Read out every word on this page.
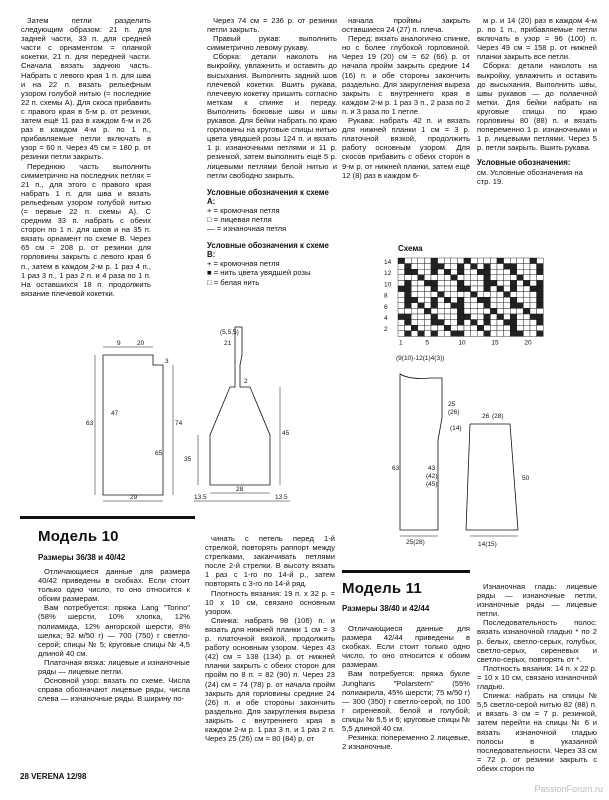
Затем петли разделить следующим образом: 21 п. для задней части, 33 п. для средней части с орнаментом = планкой кокетки, 21 п. для передней части. Сначала вязать заднюю часть. Набрать с левого края 1 п. для шва и на 22 п. вязать рельефным узором голубой нитью (= последние 22 п. схемы А). Для скоса прибавить с правого края в 5-м р. от резинки, затем ещё 11 раз в каждом 6-м и 26 раз в каждом 4-м р. по 1 п., прибавляемые петли включать в узор = 60 п. Через 45 см = 180 р. от резинки петли закрыть.

Переднюю часть выполнить симметрично на последних петлях = 21 п., для этого с правого края набрать 1 п. для шва и вязать рельефным узором голубой нитью (= первые 22 п. схемы А). С средним 33 п. набрать с обеих сторон по 1 п. для швов и на 35 п. вязать орнамент по схеме В. Через 65 см = 208 р. от резинки для горловины закрыть с левого края 6 п., затем в каждом 2-м р. 1 раз 4 п., 1 раз 3 п., 1 раз 2 п. и 4 раза по 1 п. На оставшихся 18 п. продолжить вязание плечевой кокетки.

Через 74 см = 236 р. от резинки петли закрыть.

Правый рукав: выполнить симметрично левому рукаву.

Сборка: детали наколоть на выкройку, увлажнить и оставить до высыхания. Выполнить задний шов плечевой кокетки. Вшить рукава, плечевую кокетку пришить согласно меткам к спинке и переду. Выполнить боковые швы и швы рукавов. Для бейки набрать по краю горловины на круговые спицы нитью цвета увядшей розы 124 п. и вязать 1 р. изнаночными петлями и 11 р. резинкой, затем выполнить ещё 5 р. лицевыми петлями белой нитью и петли свободно закрыть.

Условные обозначения к схеме А:
+ = кромочная петля
□ = лицевая петля
— = изнаночная петля
Условные обозначения к схеме В:
+ = кромочная петля
■ = нить цвета увядшей розы
□ = белая нить

начала проймы закрыть оставшиеся 24 (27) п. плечa.

Перед: вязать аналогично спинке, но с более глубокой горловиной. Через 19 (20) см = 62 (66) р. от начала пройм закрыть средние 14 (16) п. и обе стороны закончить раздельно. Для закругления выреза закрыть с внутреннего края в каждом 2-м р. 1 раз 3 п., 2 раза по 2 п. и 3 раза по 1 петле.

Рукава: набрать 42 п. и вязать для нижней планки 1 см = 3 р. платочной вязкой, продолжить работу основным узором. Для скосов прибавить с обеих сторон в 9-м р. от нижней планки, затем ещё 12 (8) раз в каждом 6-

м р. и 14 (20) раз в каждом 4-м р. по 1 п., прибавляемые петли включать в узор = 96 (100) п. Через 49 см = 158 р. от нижней планки закрыть все петли.

Сборка: детали наколоть на выкройку, увлажнить и оставить до высыхания. Выполнить швы, швы рукавов — до полаечной метки. Для бейки набрать на круговые спицы по краю горловины 80 (88) п. и вязать попеременно 1 р. изнаночными и 1 р. лицевыми петлями. Через 5 р. петли закрыть. Вшить рукава.

Условные обозначения:
см. Условные обозначения на стр. 19.
Схема
14
12
10
8
6
4
2
1	5	10	15	20
9	20
47
63
29
3
74
65
(5,5,5)
21
45
35
13.5
28
13.5
2
(9(10)-12(1)4(3))
25
(26)
(14)
43
(42)
(45)
63
25(28)
26 (28)
50
14(15)
Модель 10
Размеры 36/38 и 40/42

Отличающиеся данные для размера 40/42 приведены в скобках. Если стоит только одно число, то оно относится к обоим размерам.

Вам потребуется: пряжа Lang "Torino" (58% шерсти, 10% хлопка, 12% полиамида, 12% ангорской шерсти, 8% шелка; 92 м/50 г) — 700 (750) г светло-серой; спицы № 5; круговые спицы № 4,5 длиной 40 см.

Платочная вязка: лицевые и изнаночные ряды — лицевые петли.

Основной узор: вязать по схеме. Числа справа обозначают лицевые ряды, числа слева — изнаночные ряды. В ширину по-

чинать с петель перед 1-й стрелкой, повторять раппорт между стрелками, заканчивать петлями после 2-й стрелки. В высоту вязать 1 раз с 1-го по 14-й р., затем повторять с 3-го по 14-й ряд.

Плотность вязания: 19 п. x 32 р. = 10 x 10 см, связано основным узором.

Спинка: набрать 98 (106) п. и вязать для нижней планки 1 см = 3 р. платочной вязкой, продолжить работу основным узором. Через 43 (42) см = 138 (134) р. от нижней планки закрыть с обеих сторон для пройм по 8 п. = 82 (90) п. Через 23 (24) см = 74 (78) р. от начала пройм закрыть для горловины средние 24 (26) п. и обе стороны закончить раздельно. Для закругления выреза закрыть с внутреннего края в каждом 2-м р. 1 раз 3 п. и 1 раз 2 п. Через 25 (26) см = 80 (84) р. от

Модель 11
Размеры 38/40 и 42/44

Отличающиеся данные для размера 42/44 приведены в скобках. Если стоит только одно число, то оно относится к обоим размерам.

Вам потребуется: пряжа букле Junghans "Polarstern" (55% полиакрила, 45% шерсти; 75 м/50 г) — 300 (350) г светло-серой, по 100 г сиреневой, белой и голубой; спицы № 5,5 и 6; круговые спицы № 5,5 длиной 40 см.

Резинка: попеременно 2 лицевые, 2 изнаночные.

Изнаночная гладь: лицевые ряды — изнаночные петли, изнаночные ряды — лицевые петли.

Последовательность полос: вязать изнаночной гладью * по 2 р. белых, светло-серых, голубых, светло-серых, сиреневых и светло-серых, повторять от *.

Плотность вязания: 14 п. x 22 р. = 10 x 10 см, связано изнаночной гладью.

Спинка: набрать на спицы № 5,5 светло-серой нитью 82 (88) п. и вязать 3 см = 7 р. резинкой, затем перейти на спицы № 6 и вязать изнаночной гладью полосы в указанной последовательности. Через 33 см = 72 р. от резинки закрыть с обеих сторон по

28 VERENA 12/98
PassionForum.ru
